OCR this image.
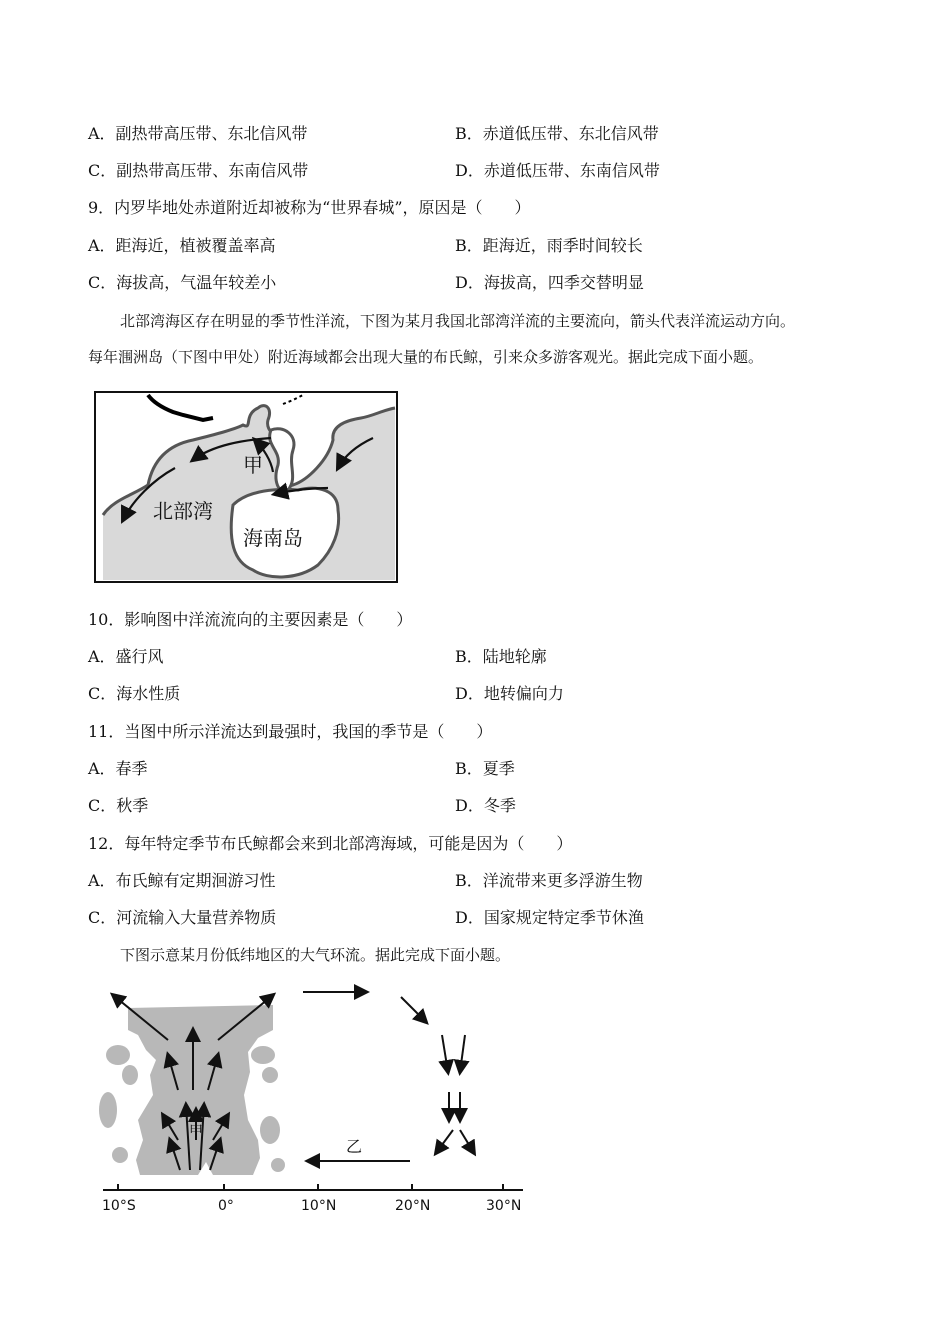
A．副热带高压带、东北信风带	B．赤道低压带、东北信风带
C．副热带高压带、东南信风带	D．赤道低压带、东南信风带
9．内罗毕地处赤道附近却被称为“世界春城”，原因是（　　）
A．距海近，植被覆盖率高	B．距海近，雨季时间较长
C．海拔高，气温年较差小	D．海拔高，四季交替明显
北部湾海区存在明显的季节性洋流，下图为某月我国北部湾洋流的主要流向，箭头代表洋流运动方向。
每年涠洲岛（下图中甲处）附近海域都会出现大量的布氏鲸，引来众多游客观光。据此完成下面小题。
甲
北部湾
海南岛
10．影响图中洋流流向的主要因素是（　　）
A．盛行风	B．陆地轮廓
C．海水性质	D．地转偏向力
11．当图中所示洋流达到最强时，我国的季节是（　　）
A．春季	B．夏季
C．秋季	D．冬季
12．每年特定季节布氏鲸都会来到北部湾海域，可能是因为（　　）
A．布氏鲸有定期洄游习性	B．洋流带来更多浮游生物
C．河流输入大量营养物质	D．国家规定特定季节休渔
下图示意某月份低纬地区的大气环流。据此完成下面小题。
甲
乙
10°S	0°	10°N	20°N	30°N
